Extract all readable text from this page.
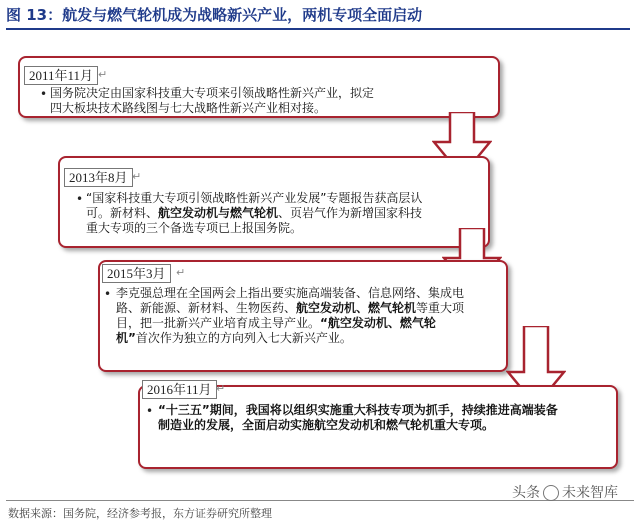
图 13：航发与燃气轮机成为战略新兴产业，两机专项全面启动
2011年11月 ↵
• 国务院决定由国家科技重大专项来引领战略性新兴产业，拟定四大板块技术路线图与七大战略性新兴产业相对接。
2013年8月 ↵
• “国家科技重大专项引领战略性新兴产业发展”专题报告获高层认可。新材料、航空发动机与燃气轮机、页岩气作为新增国家科技重大专项的三个备选专项已上报国务院。
2015年3月 ↵
• 李克强总理在全国两会上指出要实施高端装备、信息网络、集成电路、新能源、新材料、生物医药、航空发动机、燃气轮机等重大项目，把一批新兴产业培育成主导产业。“航空发动机、燃气轮机”首次作为独立的方向列入七大新兴产业。
2016年11月 ↵
• “十三五”期间，我国将以组织实施重大科技专项为抓手，持续推进高端装备制造业的发展，全面启动实施航空发动机和燃气轮机重大专项。
头条 未来智库
数据来源：国务院，经济参考报，东方证券研究所整理
